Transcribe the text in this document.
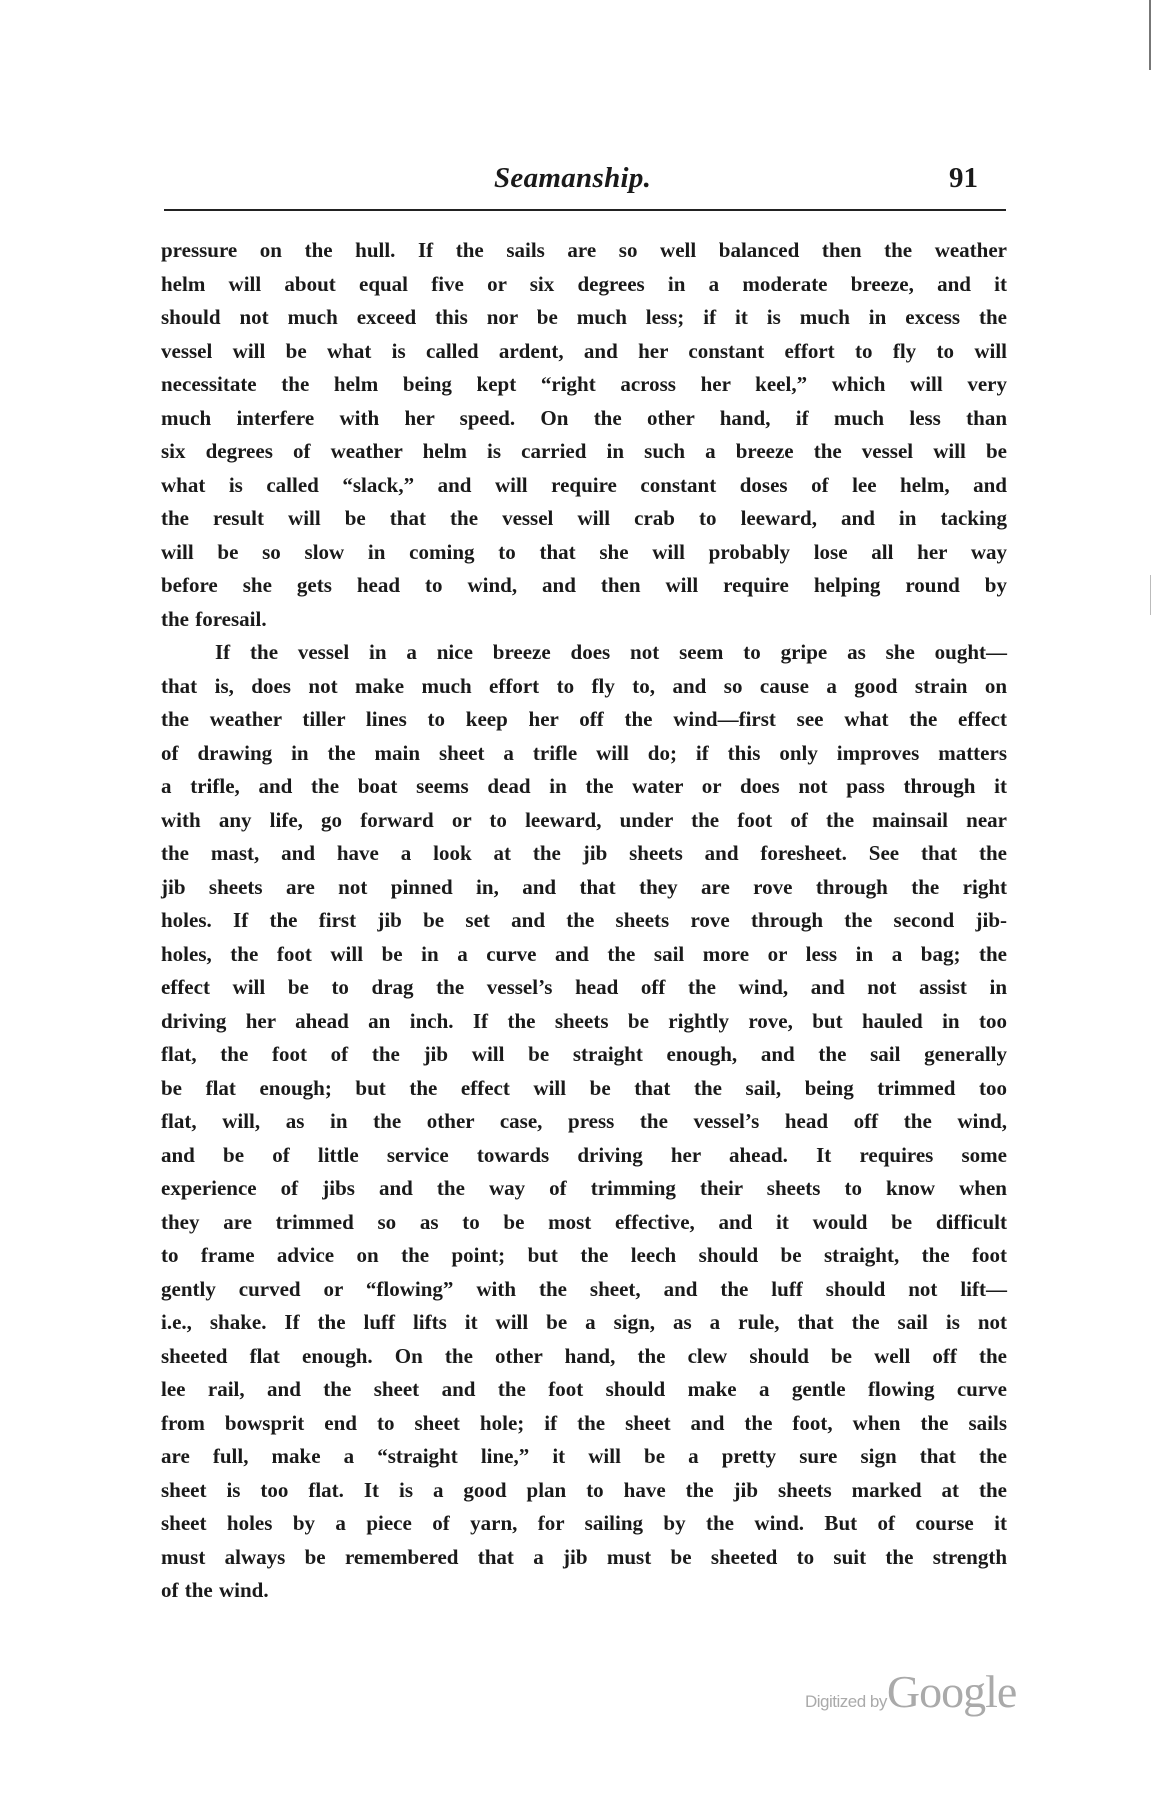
Seamanship.	91
pressure on the hull. If the sails are so well balanced then the weather
helm will about equal five or six degrees in a moderate breeze, and it
should not much exceed this nor be much less; if it is much in excess the
vessel will be what is called ardent, and her constant effort to fly to will
necessitate the helm being kept “right across her keel,” which will very
much interfere with her speed. On the other hand, if much less than
six degrees of weather helm is carried in such a breeze the vessel will be
what is called “slack,” and will require constant doses of lee helm, and
the result will be that the vessel will crab to leeward, and in tacking
will be so slow in coming to that she will probably lose all her way
before she gets head to wind, and then will require helping round by
the foresail.
If the vessel in a nice breeze does not seem to gripe as she ought—
that is, does not make much effort to fly to, and so cause a good strain on
the weather tiller lines to keep her off the wind—first see what the effect
of drawing in the main sheet a trifle will do; if this only improves matters
a trifle, and the boat seems dead in the water or does not pass through it
with any life, go forward or to leeward, under the foot of the mainsail near
the mast, and have a look at the jib sheets and foresheet. See that the
jib sheets are not pinned in, and that they are rove through the right
holes. If the first jib be set and the sheets rove through the second jib-
holes, the foot will be in a curve and the sail more or less in a bag; the
effect will be to drag the vessel’s head off the wind, and not assist in
driving her ahead an inch. If the sheets be rightly rove, but hauled in too
flat, the foot of the jib will be straight enough, and the sail generally
be flat enough; but the effect will be that the sail, being trimmed too
flat, will, as in the other case, press the vessel’s head off the wind,
and be of little service towards driving her ahead. It requires some
experience of jibs and the way of trimming their sheets to know when
they are trimmed so as to be most effective, and it would be difficult
to frame advice on the point; but the leech should be straight, the foot
gently curved or “flowing” with the sheet, and the luff should not lift—
i.e., shake. If the luff lifts it will be a sign, as a rule, that the sail is not
sheeted flat enough. On the other hand, the clew should be well off the
lee rail, and the sheet and the foot should make a gentle flowing curve
from bowsprit end to sheet hole; if the sheet and the foot, when the sails
are full, make a “straight line,” it will be a pretty sure sign that the
sheet is too flat. It is a good plan to have the jib sheets marked at the
sheet holes by a piece of yarn, for sailing by the wind. But of course it
must always be remembered that a jib must be sheeted to suit the strength
of the wind.
Digitized byGoogle
